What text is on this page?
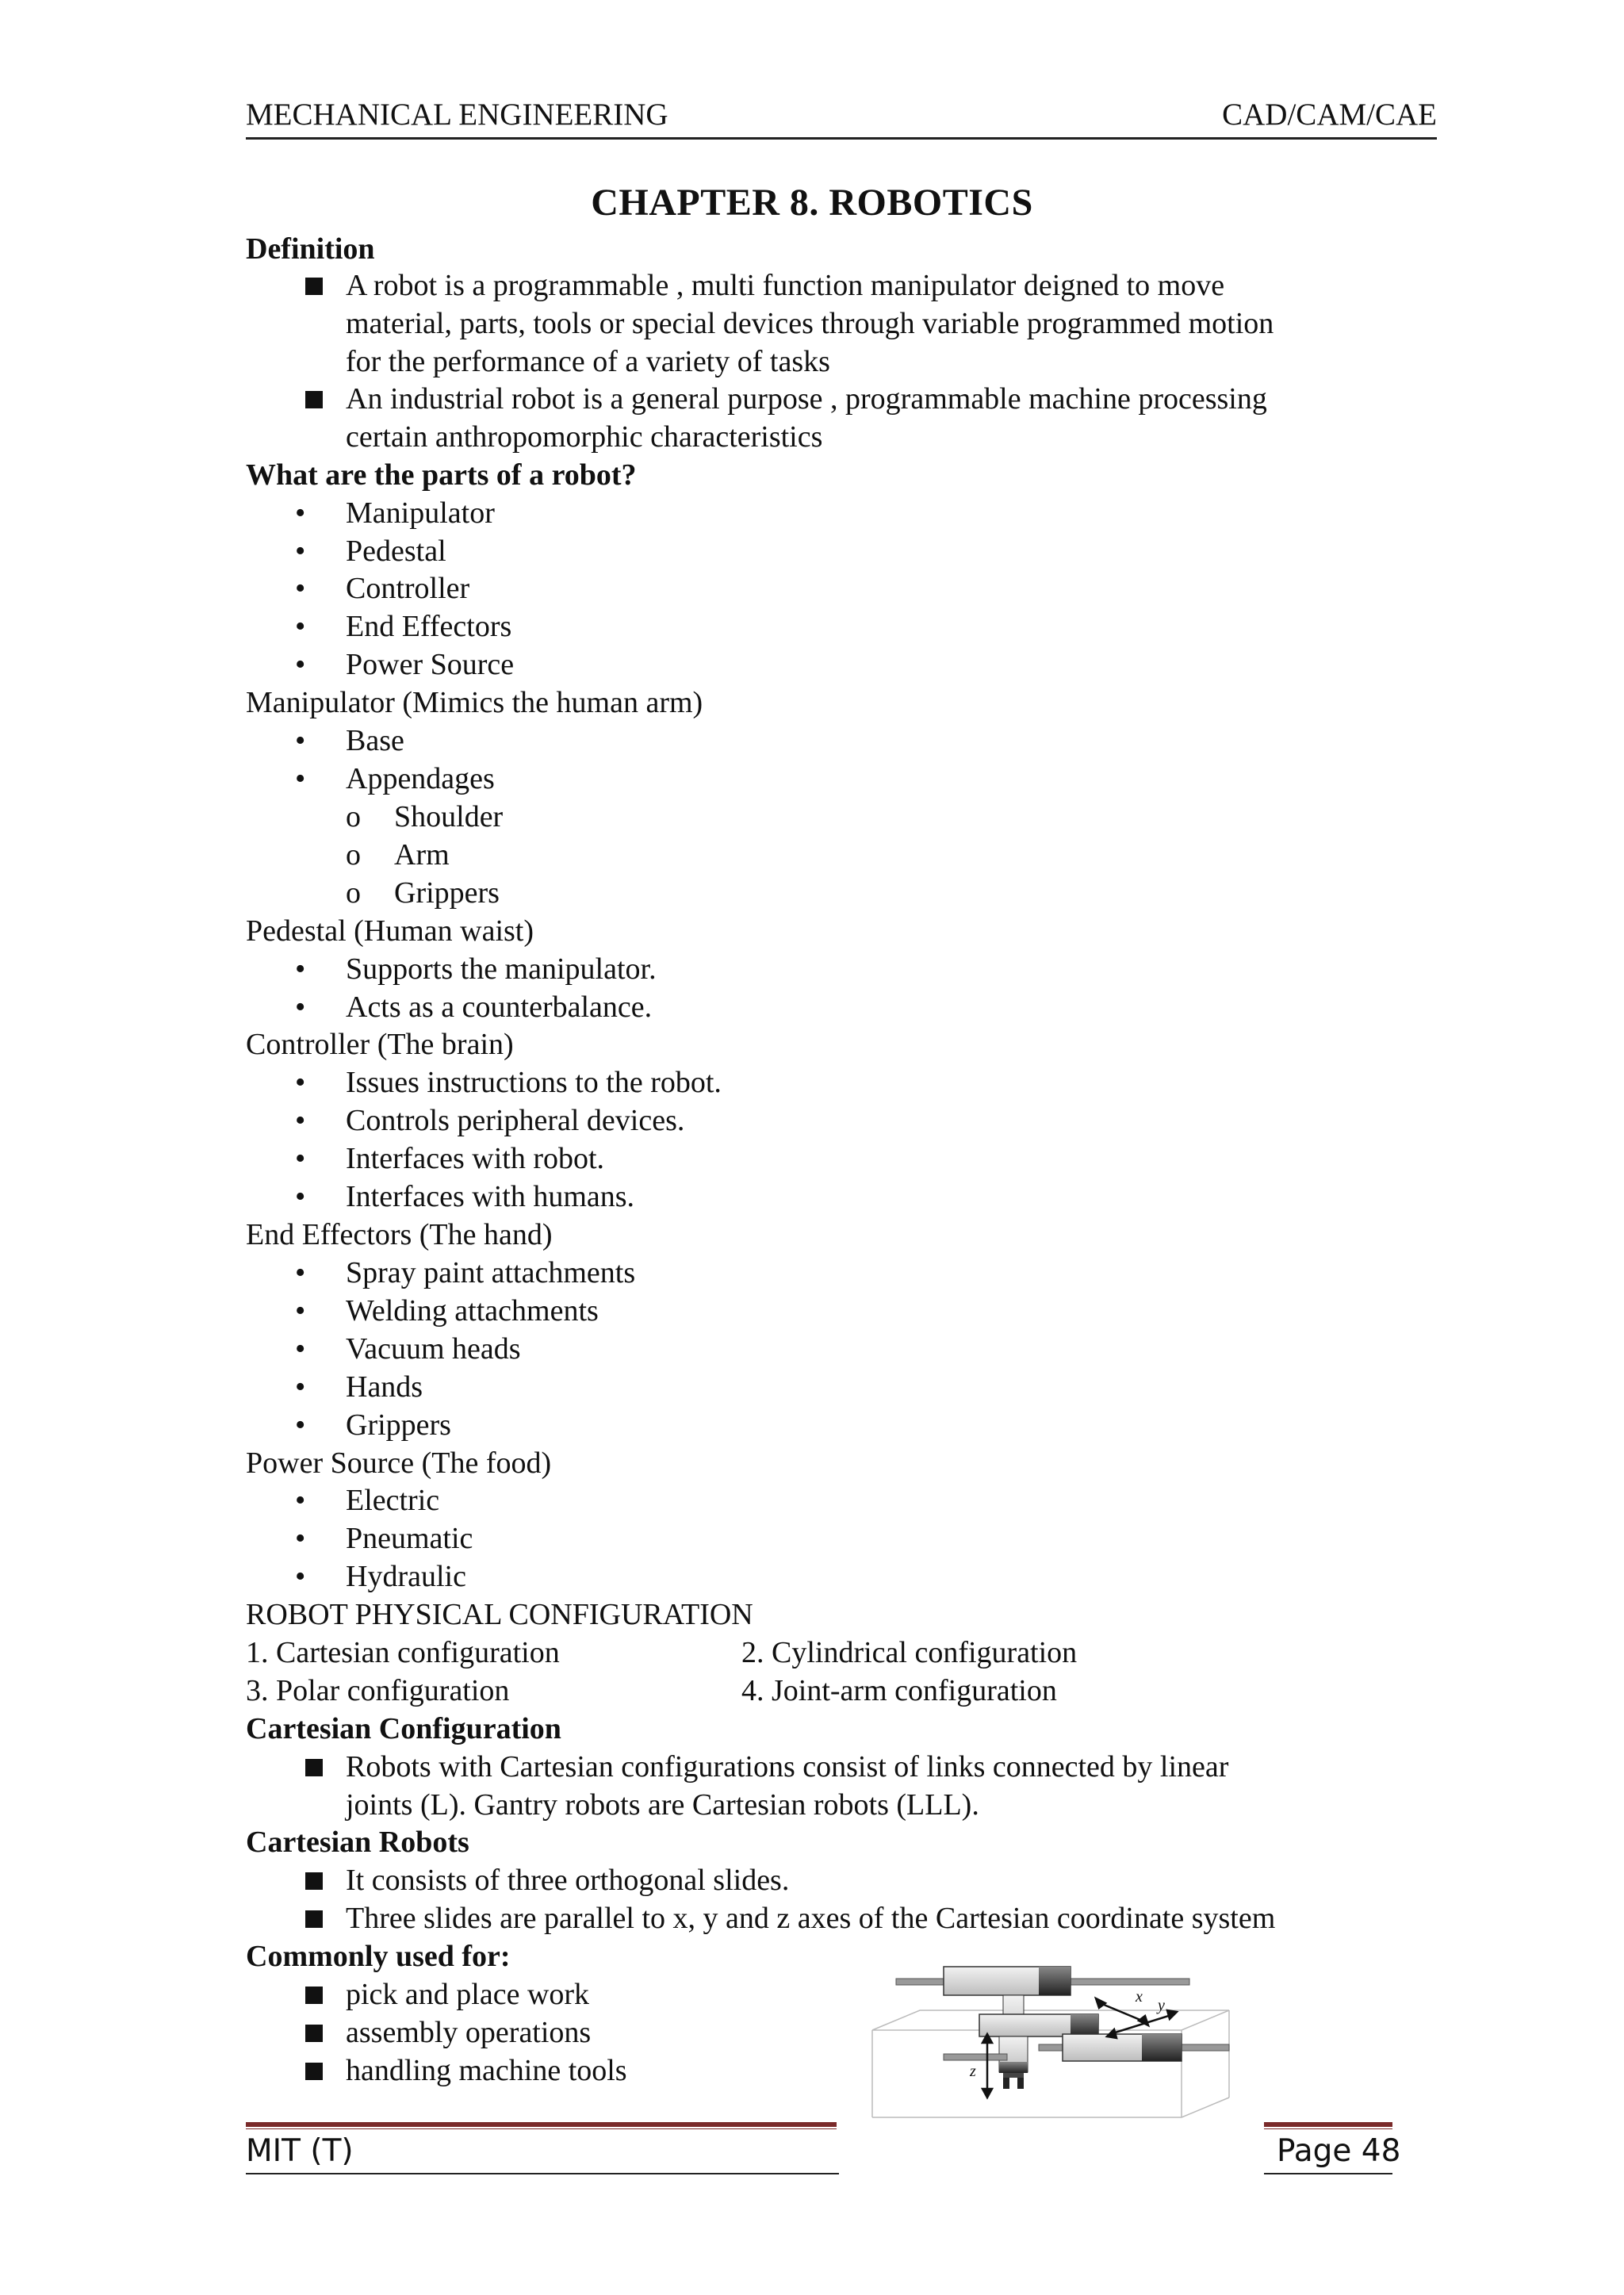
MECHANICAL ENGINEERING	CAD/CAM/CAE
CHAPTER 8. ROBOTICS
Definition
A robot is a programmable , multi function manipulator deigned to move
material, parts, tools or special devices through variable programmed motion
for the performance of a variety of tasks
An industrial robot is a general purpose , programmable machine processing
certain anthropomorphic characteristics
What are the parts of a robot?
• Manipulator
• Pedestal
• Controller
• End Effectors
• Power Source
Manipulator (Mimics the human arm)
• Base
• Appendages
o Shoulder
o Arm
o Grippers
Pedestal (Human waist)
• Supports the manipulator.
• Acts as a counterbalance.
Controller (The brain)
• Issues instructions to the robot.
• Controls peripheral devices.
• Interfaces with robot.
• Interfaces with humans.
End Effectors (The hand)
• Spray paint attachments
• Welding attachments
• Vacuum heads
• Hands
• Grippers
Power Source (The food)
• Electric
• Pneumatic
• Hydraulic
ROBOT PHYSICAL CONFIGURATION
1. Cartesian configuration	2. Cylindrical configuration
3. Polar configuration	4. Joint-arm configuration
Cartesian Configuration
Robots with Cartesian configurations consist of links connected by linear
joints (L). Gantry robots are Cartesian robots (LLL).
Cartesian Robots
It consists of three orthogonal slides.
Three slides are parallel to x, y and z axes of the Cartesian coordinate system
Commonly used for:
pick and place work
assembly operations
handling machine tools
x y
z
MIT (T)	Page 48
